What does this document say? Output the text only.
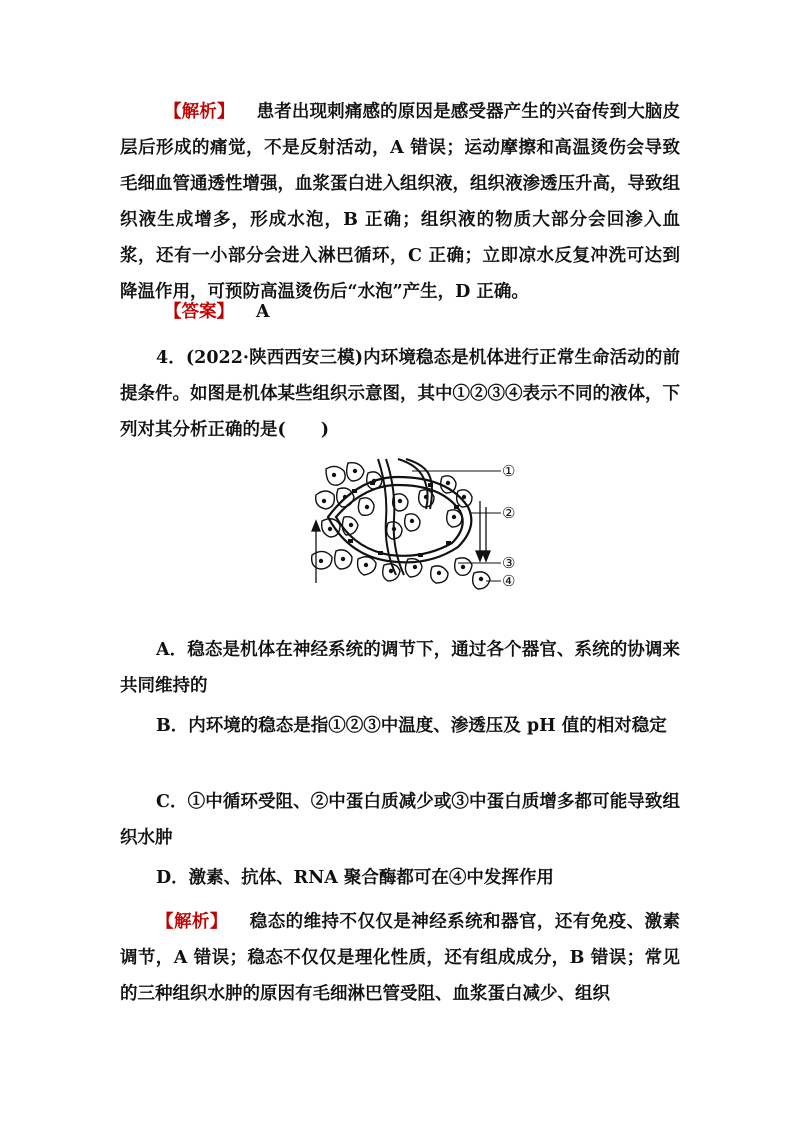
【解析】 患者出现刺痛感的原因是感受器产生的兴奋传到大脑皮层后形成的痛觉，不是反射活动，A 错误；运动摩擦和高温烫伤会导致毛细血管通透性增强，血浆蛋白进入组织液，组织液渗透压升高，导致组织液生成增多，形成水泡，B 正确；组织液的物质大部分会回渗入血浆，还有一小部分会进入淋巴循环，C 正确；立即凉水反复冲洗可达到降温作用，可预防高温烫伤后“水泡”产生，D 正确。

【答案】 A

4．(2022·陕西西安三模)内环境稳态是机体进行正常生命活动的前提条件。如图是机体某些组织示意图，其中①②③④表示不同的液体，下列对其分析正确的是(　　)

①
②
③
④

A．稳态是机体在神经系统的调节下，通过各个器官、系统的协调来共同维持的

B．内环境的稳态是指①②③中温度、渗透压及 pH 值的相对稳定

C．①中循环受阻、②中蛋白质减少或③中蛋白质增多都可能导致组织水肿

D．激素、抗体、RNA 聚合酶都可在④中发挥作用

【解析】 稳态的维持不仅仅是神经系统和器官，还有免疫、激素调节，A 错误；稳态不仅仅是理化性质，还有组成成分，B 错误；常见的三种组织水肿的原因有毛细淋巴管受阻、血浆蛋白减少、组织
